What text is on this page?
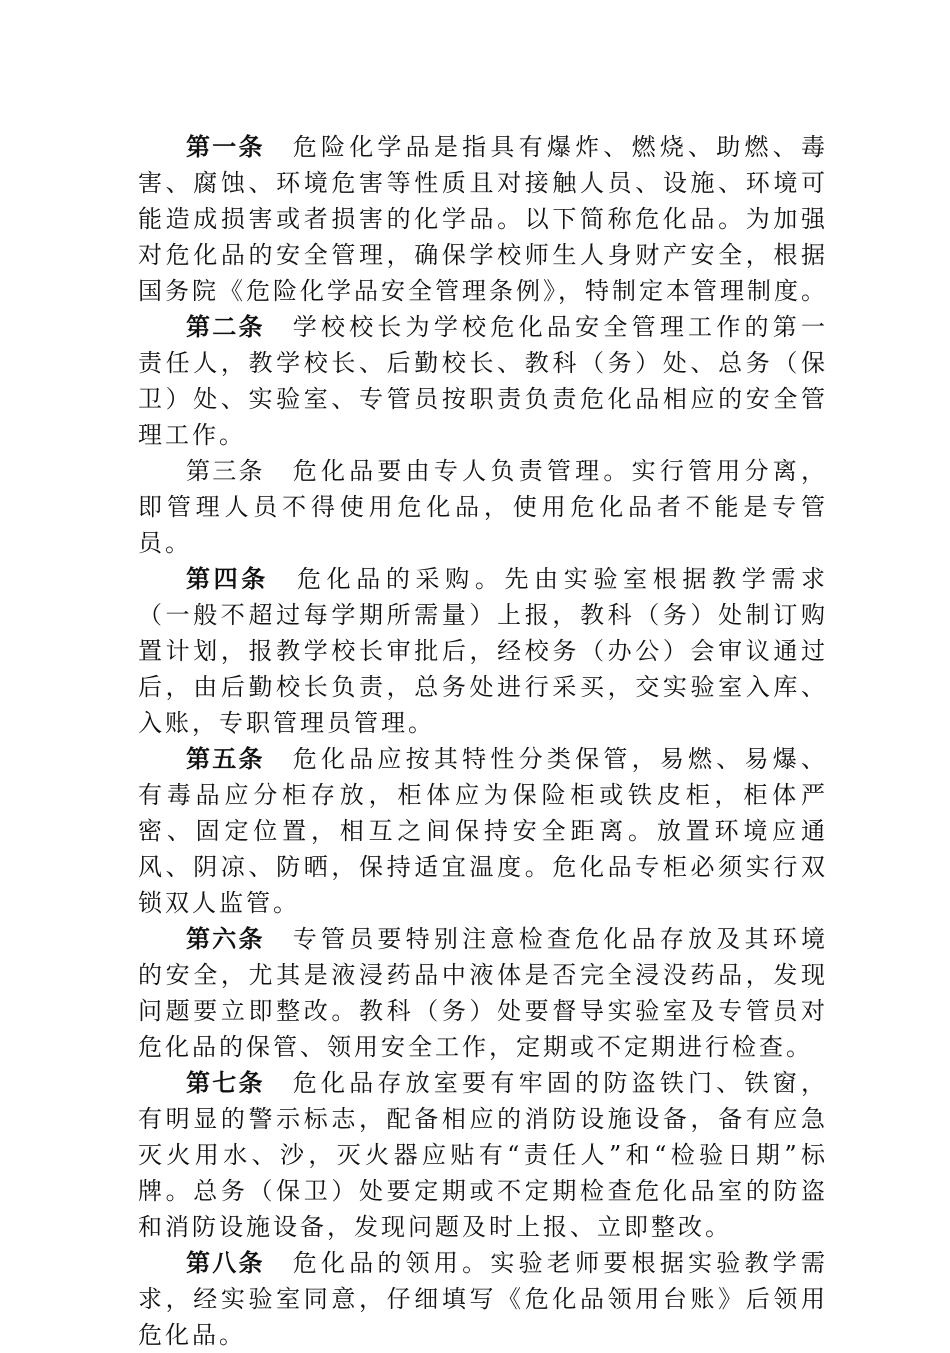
第一条 危险化学品是指具有爆炸、燃烧、助燃、毒害、腐蚀、环境危害等性质且对接触人员、设施、环境可能造成损害或者损害的化学品。以下简称危化品。为加强对危化品的安全管理，确保学校师生人身财产安全，根据国务院《危险化学品安全管理条例》，特制定本管理制度。

第二条 学校校长为学校危化品安全管理工作的第一责任人，教学校长、后勤校长、教科（务）处、总务（保卫）处、实验室、专管员按职责负责危化品相应的安全管理工作。

第三条 危化品要由专人负责管理。实行管用分离，即管理人员不得使用危化品，使用危化品者不能是专管员。

第四条 危化品的采购。先由实验室根据教学需求（一般不超过每学期所需量）上报，教科（务）处制订购置计划，报教学校长审批后，经校务（办公）会审议通过后，由后勤校长负责，总务处进行采买，交实验室入库、入账，专职管理员管理。

第五条 危化品应按其特性分类保管，易燃、易爆、有毒品应分柜存放，柜体应为保险柜或铁皮柜，柜体严密、固定位置，相互之间保持安全距离。放置环境应通风、阴凉、防晒，保持适宜温度。危化品专柜必须实行双锁双人监管。

第六条 专管员要特别注意检查危化品存放及其环境的安全，尤其是液浸药品中液体是否完全浸没药品，发现问题要立即整改。教科（务）处要督导实验室及专管员对危化品的保管、领用安全工作，定期或不定期进行检查。

第七条 危化品存放室要有牢固的防盗铁门、铁窗，有明显的警示标志，配备相应的消防设施设备，备有应急灭火用水、沙，灭火器应贴有“责任人”和“检验日期”标牌。总务（保卫）处要定期或不定期检查危化品室的防盗和消防设施设备，发现问题及时上报、立即整改。

第八条 危化品的领用。实验老师要根据实验教学需求，经实验室同意，仔细填写《危化品领用台账》后领用危化品。
